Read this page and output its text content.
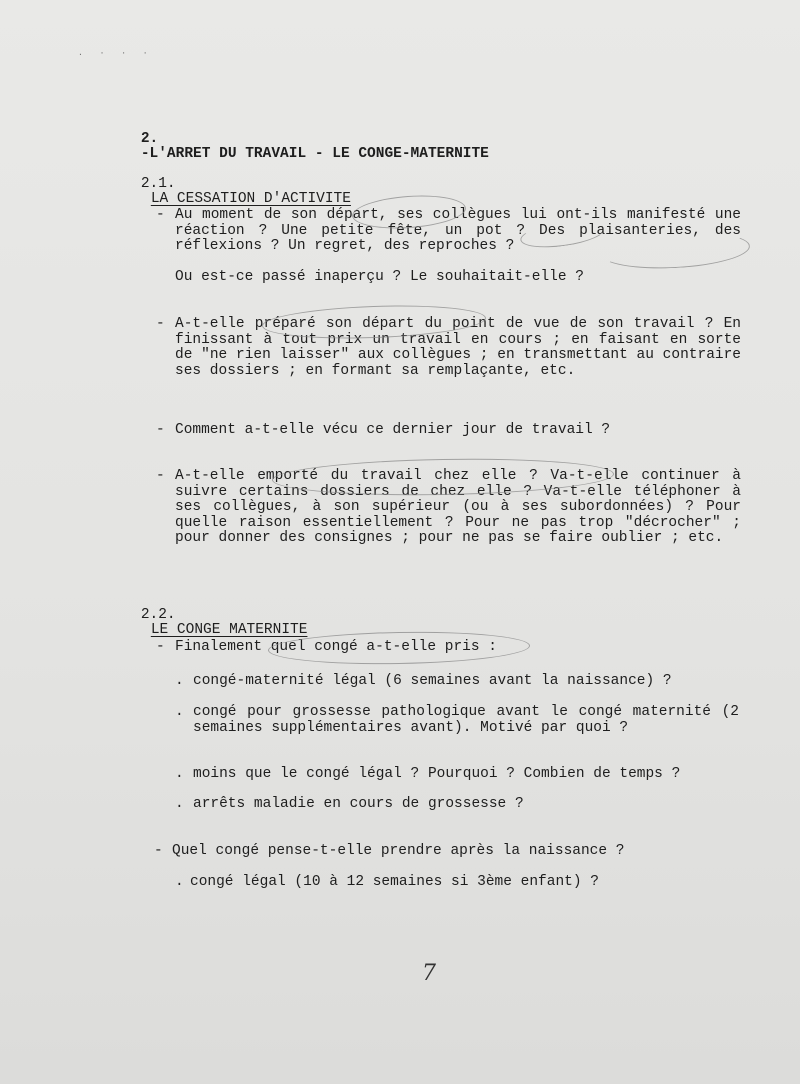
. · · ·

2.
-L'ARRET DU TRAVAIL - LE CONGE-MATERNITE

2.1.
LA CESSATION D'ACTIVITE

- Au moment de son départ, ses collègues lui ont-ils manifesté une réaction ? Une petite fête, un pot ? Des plaisanteries, des réflexions ? Un regret, des reproches ?
Ou est-ce passé inaperçu ? Le souhaitait-elle ?
- A-t-elle préparé son départ du point de vue de son travail ? En finissant à tout prix un travail en cours ; en faisant en sorte de "ne rien laisser" aux collègues ; en transmettant au contraire ses dossiers ; en formant sa remplaçante, etc.
- Comment a-t-elle vécu ce dernier jour de travail ?
- A-t-elle emporté du travail chez elle ? Va-t-elle continuer à suivre certains dossiers de chez elle ? Va-t-elle téléphoner à ses collègues, à son supérieur (ou à ses subordonnées) ? Pour quelle raison essentiellement ? Pour ne pas trop "décrocher" ; pour donner des consignes ; pour ne pas se faire oublier ; etc.

2.2.
LE CONGE MATERNITE

- Finalement quel congé a-t-elle pris :
. congé-maternité légal (6 semaines avant la naissance) ?
. congé pour grossesse pathologique avant le congé maternité (2 semaines supplémentaires avant). Motivé par quoi ?
. moins que le congé légal ? Pourquoi ? Combien de temps ?
. arrêts maladie en cours de grossesse ?
- Quel congé pense-t-elle prendre après la naissance ?
. congé légal (10 à 12 semaines si 3ème enfant) ?
7
